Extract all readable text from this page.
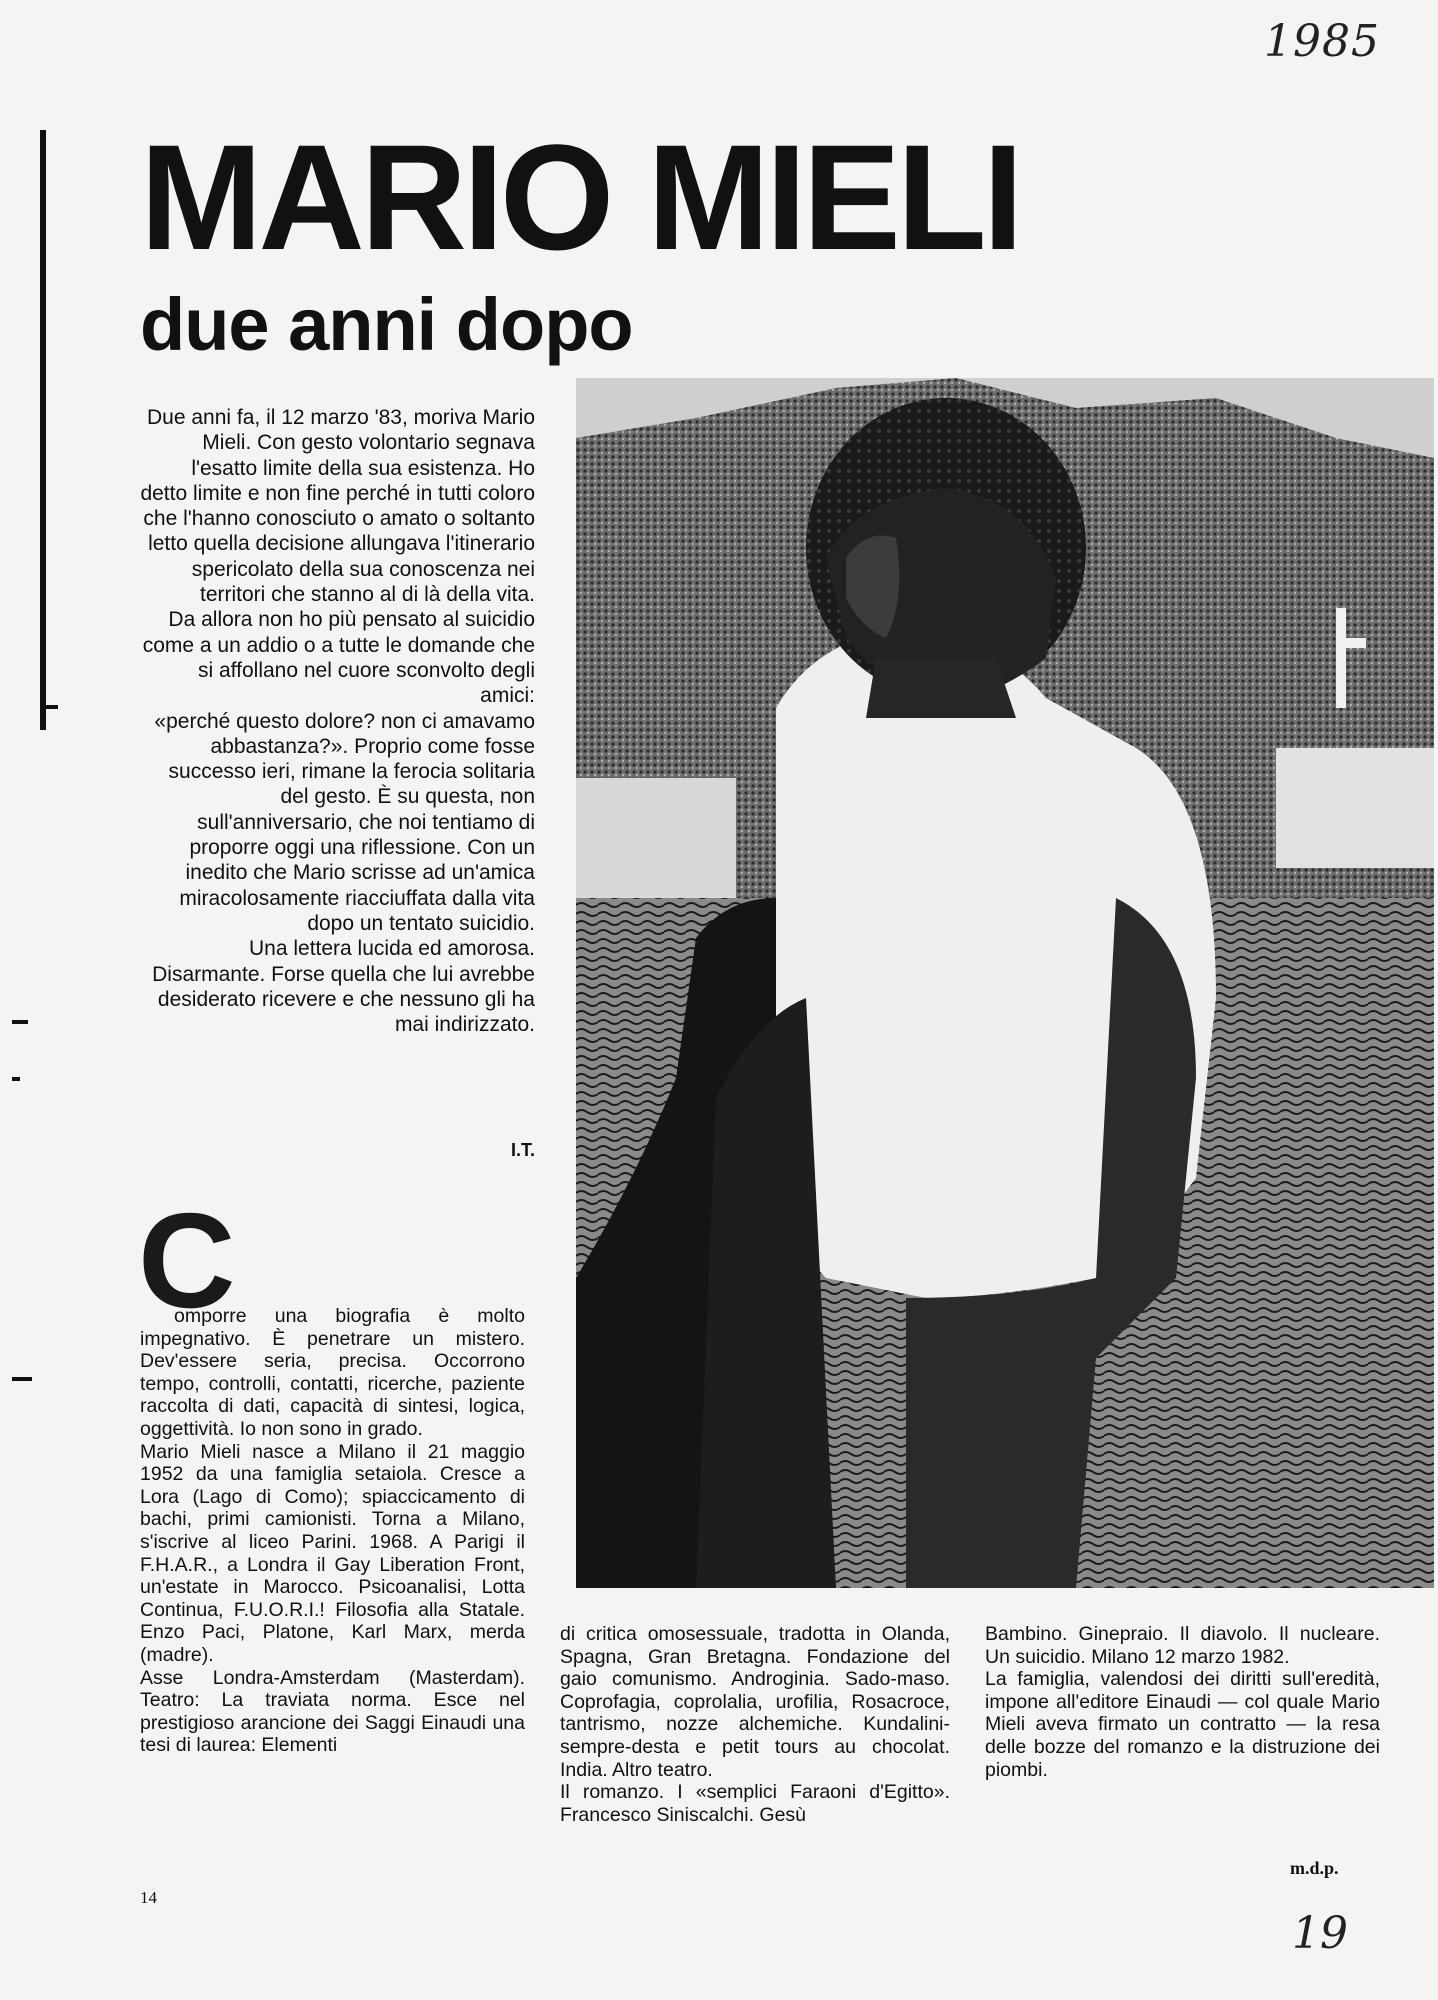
1985
MARIO MIELI
due anni dopo

Due anni fa, il 12 marzo '83, moriva Mario Mieli. Con gesto volontario segnava l'esatto limite della sua esistenza. Ho detto limite e non fine perché in tutti coloro che l'hanno conosciuto o amato o soltanto letto quella decisione allungava l'itinerario spericolato della sua conoscenza nei territori che stanno al di là della vita.

Da allora non ho più pensato al suicidio come a un addio o a tutte le domande che si affollano nel cuore sconvolto degli amici:

«perché questo dolore? non ci amavamo abbastanza?». Proprio come fosse successo ieri, rimane la ferocia solitaria del gesto. È su questa, non sull'anniversario, che noi tentiamo di proporre oggi una riflessione. Con un inedito che Mario scrisse ad un'amica miracolosamente riacciuffata dalla vita dopo un tentato suicidio.

Una lettera lucida ed amorosa. Disarmante. Forse quella che lui avrebbe desiderato ricevere e che nessuno gli ha mai indirizzato.

I.T.
C

omporre una biografia è molto impegnativo. È penetrare un mistero. Dev'essere seria, precisa. Occorrono tempo, controlli, contatti, ricerche, paziente raccolta di dati, capacità di sintesi, logica, oggettività. Io non sono in grado.

Mario Mieli nasce a Milano il 21 maggio 1952 da una famiglia setaiola. Cresce a Lora (Lago di Como); spiaccicamento di bachi, primi camionisti. Torna a Milano, s'iscrive al liceo Parini. 1968. A Parigi il F.H.A.R., a Londra il Gay Liberation Front, un'estate in Marocco. Psicoanalisi, Lotta Continua, F.U.O.R.I.! Filosofia alla Statale. Enzo Paci, Platone, Karl Marx, merda (madre).

Asse Londra-Amsterdam (Masterdam). Teatro: La traviata norma. Esce nel prestigioso arancione dei Saggi Einaudi una tesi di laurea: Elementi

di critica omosessuale, tradotta in Olanda, Spagna, Gran Bretagna. Fondazione del gaio comunismo. Androginia. Sado-maso. Coprofagia, coprolalia, urofilia, Rosacroce, tantrismo, nozze alchemiche. Kundalini-sempre-desta e petit tours au chocolat. India. Altro teatro.

Il romanzo. I «semplici Faraoni d'Egitto». Francesco Siniscalchi. Gesù

Bambino. Ginepraio. Il diavolo. Il nucleare. Un suicidio. Milano 12 marzo 1982.

La famiglia, valendosi dei diritti sull'eredità, impone all'editore Einaudi — col quale Mario Mieli aveva firmato un contratto — la resa delle bozze del romanzo e la distruzione dei piombi.

m.d.p.
14
19
